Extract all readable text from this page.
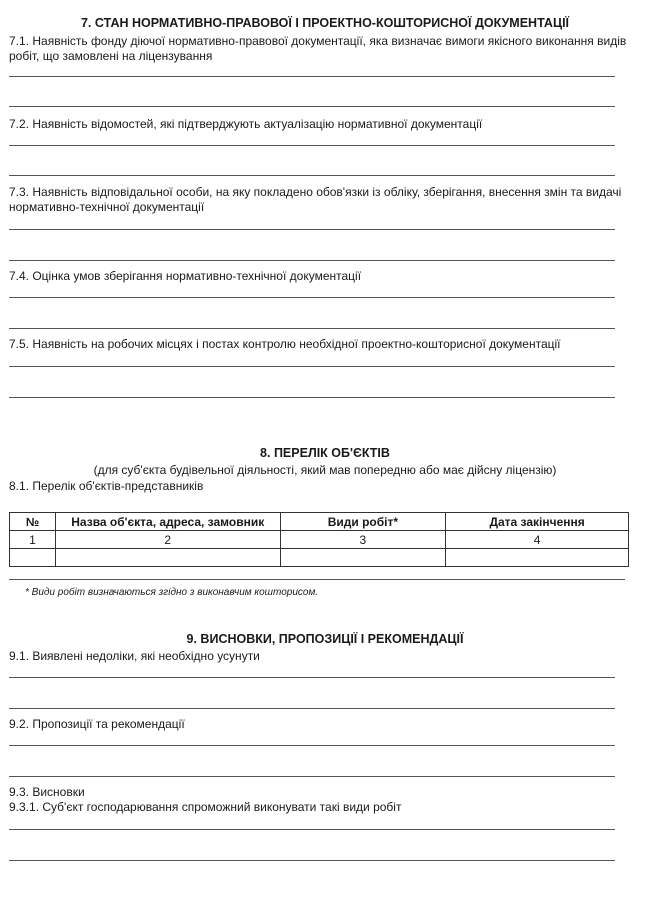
7. СТАН НОРМАТИВНО-ПРАВОВОЇ І ПРОЕКТНО-КОШТОРИСНОЇ ДОКУМЕНТАЦІЇ
7.1. Наявність фонду діючої нормативно-правової документації, яка визначає вимоги якісного виконання видів робіт, що замовлені на ліцензування
7.2. Наявність відомостей, які підтверджують актуалізацію нормативної документації
7.3. Наявність відповідальної особи, на яку покладено обов'язки із обліку, зберігання, внесення змін та видачі нормативно-технічної документації
7.4. Оцінка умов зберігання нормативно-технічної документації
7.5. Наявність на робочих місцях і постах контролю необхідної проектно-кошторисної документації
8. ПЕРЕЛІК ОБ'ЄКТІВ
(для суб'єкта будівельної діяльності, який мав попередню або має дійсну ліцензію)
8.1. Перелік об'єктів-представників
№	Назва об'єкта, адреса, замовник	Види робіт*	Дата закінчення
1	2	3	4

* Види робіт визначаються згідно з виконавчим кошторисом.
9. ВИСНОВКИ, ПРОПОЗИЦІЇ І РЕКОМЕНДАЦІЇ
9.1. Виявлені недоліки, які необхідно усунути
9.2. Пропозиції та рекомендації
9.3. Висновки
9.3.1. Суб'єкт господарювання спроможний виконувати такі види робіт
